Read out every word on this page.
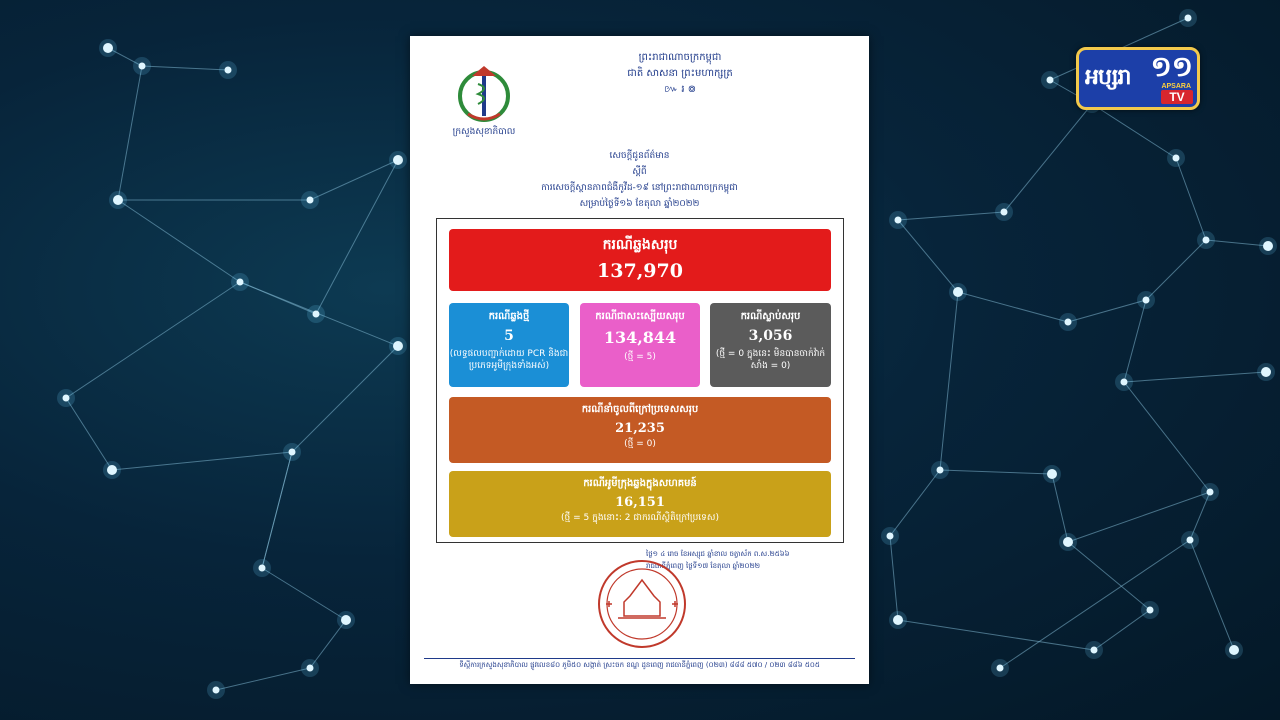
អប្សរា ១១
APSARA
TV
ក្រសួងសុខាភិបាល
ព្រះរាជាណាចក្រកម្ពុជា
ជាតិ សាសនា ព្រះមហាក្សត្រ
៚ ៛ ៙
សេចក្តីជូនព័ត៌មាន
ស្តីពី
ការសេចក្តីស្ថានភាពជំងឺកូវីដ-១៩ នៅព្រះរាជាណាចក្រកម្ពុជា
សម្រាប់ថ្ងៃទី១៦ ខែតុលា ឆ្នាំ២០២២
ករណីឆ្លងសរុប
137,970
ករណីឆ្លងថ្មី
5
(លទ្ធផលបញ្ជាក់ដោយ PCR និងជាប្រភេទអូមីក្រុងទាំងអស់)
ករណីជាសះស្បើយសរុប
134,844
(ថ្មី = 5)
ករណីស្លាប់សរុប
3,056
(ថ្មី = 0 ក្នុងនេះ មិនបានចាក់វ៉ាក់សាំង = 0)
ករណីនាំចូលពីក្រៅប្រទេសសរុប
21,235
(ថ្មី = 0)
ករណីអូមីក្រុងឆ្លងក្នុងសហគមន៍
16,151
(ថ្មី = 5 ក្នុងនោះ: 2 ជាករណីស្ថិតិក្រៅប្រទេស)
ថ្ងៃ១ ៤ រោច ខែអស្សុជ ឆ្នាំខាល ចត្វាស័ក ព.ស.២៥៦៦
រាជធានីភ្នំពេញ ថ្ងៃទី១៧ ខែតុលា ឆ្នាំ២០២២
ទីស្តីការក្រសួងសុខាភិបាល ផ្លូវលេខ៨០ ភូមិ៥០ សង្កាត់ ស្រះចក ខណ្ឌ ដូនពេញ រាជធានីភ្នំពេញ (០២៣) ៨៨៨ ៥៧០ / ០២៣ ៨៨៦ ៥០៥
